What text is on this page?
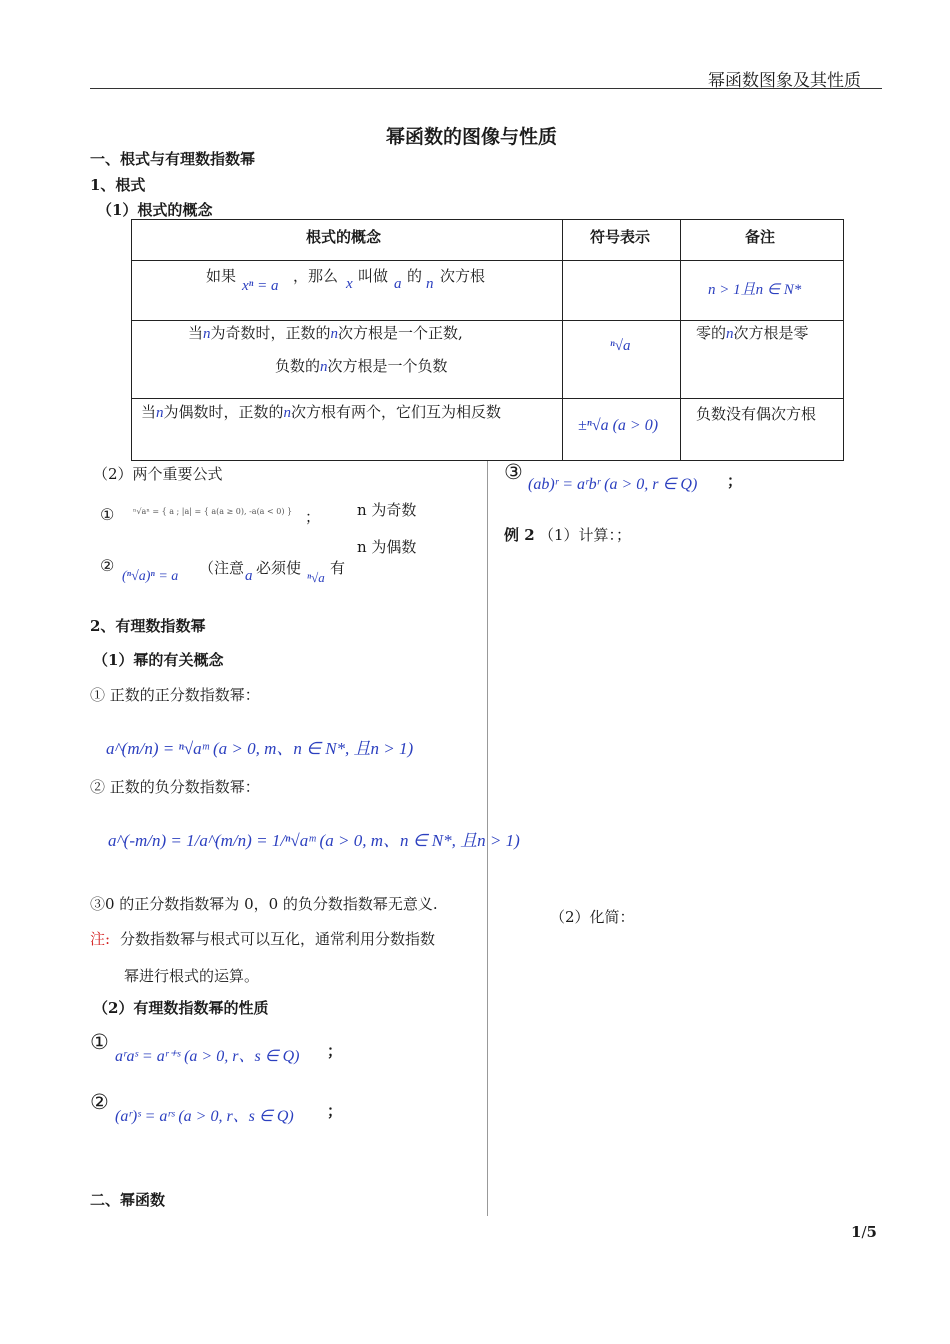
幂函数图象及其性质
幂函数的图像与性质
一、根式与有理数指数幂
1、根式
（1）根式的概念
根式的概念	符号表示	备注
如果
xⁿ = a
，那么 x 叫做 a 的 n 次方根
n > 1且n ∈ N*
当n为奇数时，正数的n次方根是一个正数,
负数的n次方根是一个负数
ⁿ√a
零的n次方根是零
当n为偶数时，正数的n次方根有两个，它们互为相反数
±ⁿ√a (a > 0)
负数没有偶次方根
（2）两个重要公式
① ⁿ√aⁿ = { a ; |a| = { a(a ≥ 0), -a(a < 0) } ； n 为奇数
n 为偶数
②
(ⁿ√a)ⁿ = a （注意 a 必须使
ⁿ√a
有
2、有理数指数幂
（1）幂的有关概念
① 正数的正分数指数幂：
a^(m/n) = ⁿ√aᵐ (a > 0, m、n ∈ N*, 且n > 1)
② 正数的负分数指数幂：
a^(-m/n) = 1/a^(m/n) = 1/ⁿ√aᵐ (a > 0, m、n ∈ N*, 且n > 1)
③0 的正分数指数幂为 0，0 的负分数指数幂无意义.
注: 分数指数幂与根式可以互化，通常利用分数指数
幂进行根式的运算。
（2）有理数指数幂的性质
①
aʳaˢ = aʳ⁺ˢ (a > 0, r、s ∈ Q) ；
②
(aʳ)ˢ = aʳˢ (a > 0, r、s ∈ Q) ；
③
(ab)ʳ = aʳbʳ (a > 0, r ∈ Q) ；
例 2 （1）计算：；
（2）化简：
二、幂函数
1/5
